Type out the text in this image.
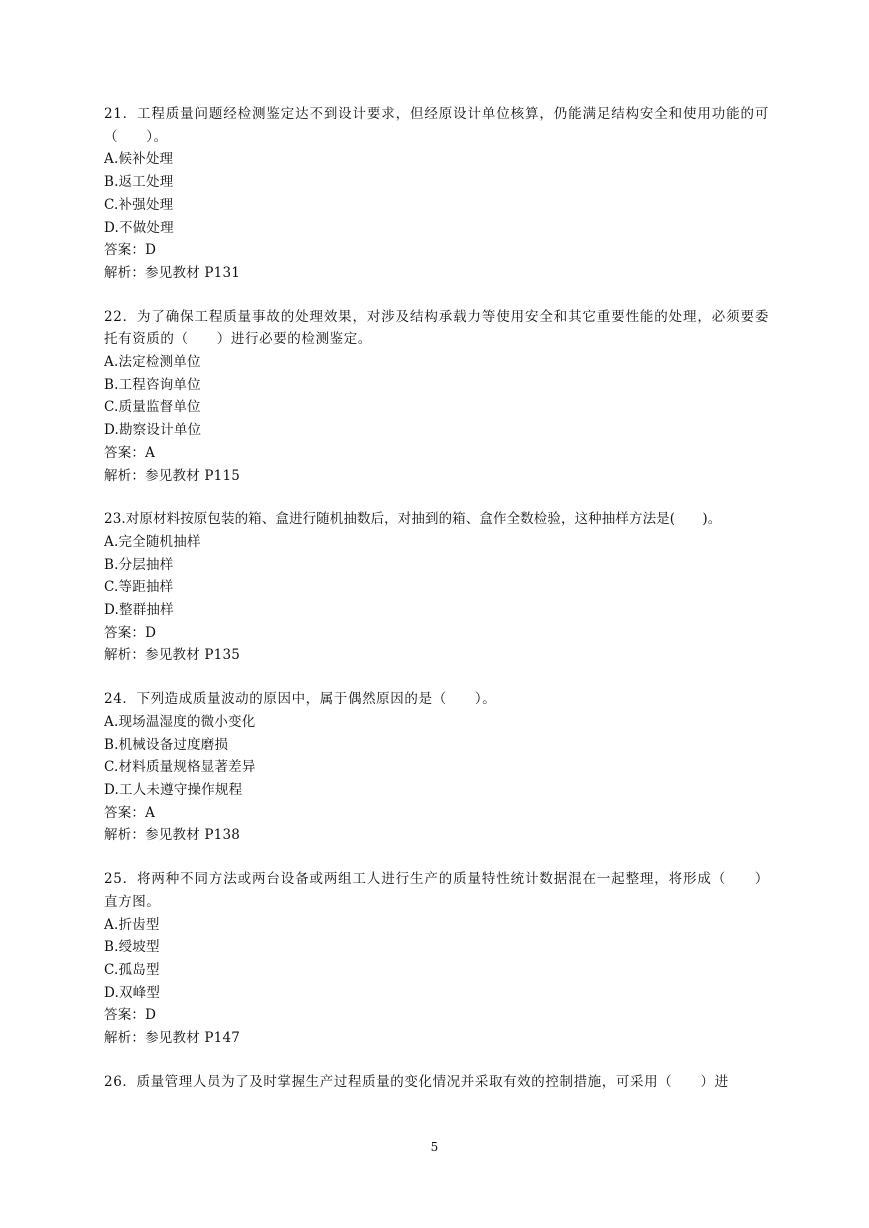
21．工程质量问题经检测鉴定达不到设计要求，但经原设计单位核算，仍能满足结构安全和使用功能的可（　　）。
A.候补处理
B.返工处理
C.补强处理
D.不做处理
答案：D
解析：参见教材 P131
22．为了确保工程质量事故的处理效果，对涉及结构承载力等使用安全和其它重要性能的处理，必须要委托有资质的（　　）进行必要的检测鉴定。
A.法定检测单位
B.工程咨询单位
C.质量监督单位
D.勘察设计单位
答案：A
解析：参见教材 P115
23.对原材料按原包装的箱、盒进行随机抽数后，对抽到的箱、盒作全数检验，这种抽样方法是(　　)。
A.完全随机抽样
B.分层抽样
C.等距抽样
D.整群抽样
答案：D
解析：参见教材 P135
24．下列造成质量波动的原因中，属于偶然原因的是（　　）。
A.现场温湿度的微小变化
B.机械设备过度磨损
C.材料质量规格显著差异
D.工人未遵守操作规程
答案：A
解析：参见教材 P138
25．将两种不同方法或两台设备或两组工人进行生产的质量特性统计数据混在一起整理，将形成（　　）直方图。
A.折齿型
B.绶坡型
C.孤岛型
D.双峰型
答案：D
解析：参见教材 P147
26．质量管理人员为了及时掌握生产过程质量的变化情况并采取有效的控制措施，可采用（　　）进
5
